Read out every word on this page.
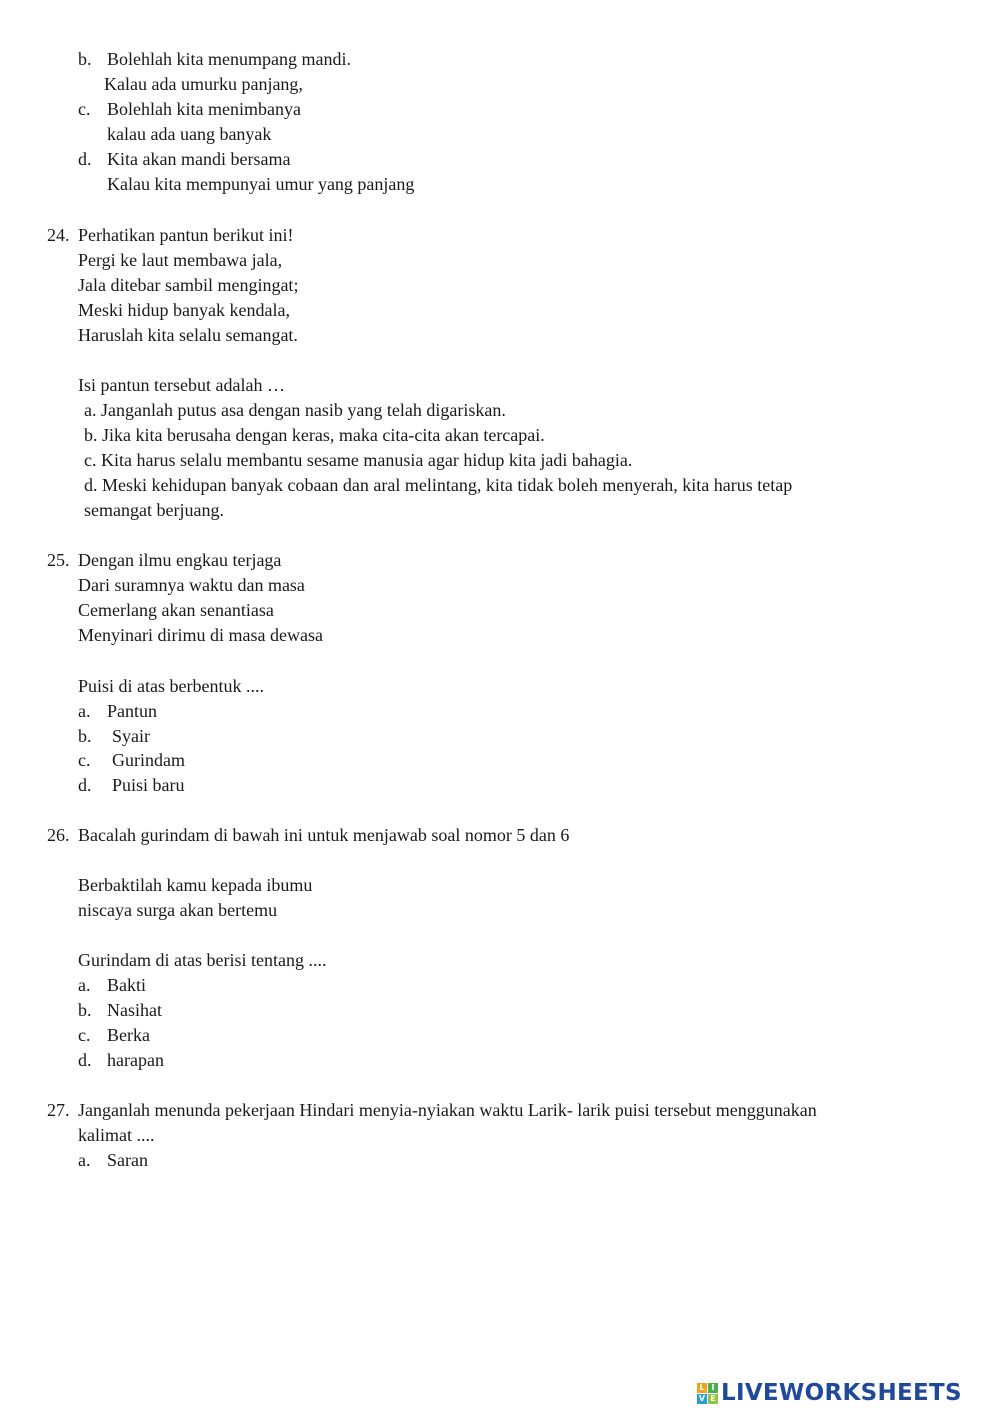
b. Bolehlah kita menumpang mandi.
Kalau ada umurku panjang,
c. Bolehlah kita menimbanya
kalau ada uang banyak
d. Kita akan mandi bersama
Kalau kita mempunyai umur yang panjang
24. Perhatikan pantun berikut ini!
Pergi ke laut membawa jala,
Jala ditebar sambil mengingat;
Meski hidup banyak kendala,
Haruslah kita selalu semangat.
Isi pantun tersebut adalah …
a. Janganlah putus asa dengan nasib yang telah digariskan.
b. Jika kita berusaha dengan keras, maka cita-cita akan tercapai.
c. Kita harus selalu membantu sesame manusia agar hidup kita jadi bahagia.
d. Meski kehidupan banyak cobaan dan aral melintang, kita tidak boleh menyerah, kita harus tetap
semangat berjuang.
25. Dengan ilmu engkau terjaga
Dari suramnya waktu dan masa
Cemerlang akan senantiasa
Menyinari dirimu di masa dewasa
Puisi di atas berbentuk ....
a. Pantun
b. Syair
c. Gurindam
d. Puisi baru
26. Bacalah gurindam di bawah ini untuk menjawab soal nomor 5 dan 6
Berbaktilah kamu kepada ibumu
niscaya surga akan bertemu
Gurindam di atas berisi tentang ....
a. Bakti
b. Nasihat
c. Berka
d. harapan
27. Janganlah menunda pekerjaan Hindari menyia-nyiakan waktu Larik- larik puisi tersebut menggunakan
kalimat ....
a. Saran
L I
V E LIVEWORKSHEETS
